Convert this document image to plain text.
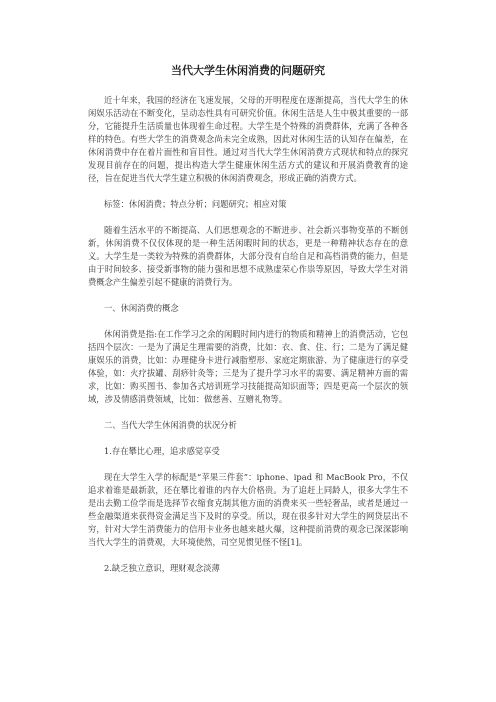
当代大学生休闲消费的问题研究

近十年来，我国的经济在飞速发展，父母的开明程度在逐渐提高，当代大学生的休闲娱乐活动在不断变化，呈动态性具有可研究价值。休闲生活是人生中极其重要的一部分，它能提升生活质量也体现着生命过程。大学生是个特殊的消费群体，充满了各种各样的特色。有些大学生的消费观念尚未完全成熟，因此对休闲生活的认知存在偏差，在休闲消费中存在着片面性和盲目性。通过对当代大学生休闲消费方式现状和特点的探究发现目前存在的问题，提出构造大学生健康休闲生活方式的建议和开展消费教育的途径，旨在促进当代大学生建立积极的休闲消费观念，形成正确的消费方式。

标签：休闲消费；特点分析；问题研究；相应对策

随着生活水平的不断提高、人们思想观念的不断进步、社会新兴事物变革的不断创新，休闲消费不仅仅体现的是一种生活闲暇时间的状态，更是一种精神状态存在的意义。大学生是一类较为特殊的消费群体，大部分没有自给自足和高档消费的能力，但是由于时间较多、接受新事物的能力强和思想不成熟虚荣心作祟等原因，导致大学生对消费概念产生偏差引起不健康的消费行为。

一、休闲消费的概念

休闲消费是指:在工作学习之余的闲暇时间内进行的物质和精神上的消费活动，它包括四个层次：一是为了满足生理需要的消费，比如：衣、食、住、行；二是为了满足健康娱乐的消费，比如：办理健身卡进行减脂塑形、家庭定期旅游、为了健康进行的享受体验，如：火疗拔罐、刮痧针灸等；三是为了提升学习水平的需要、满足精神方面的需求，比如：购买图书、参加各式培训班学习技能提高知识面等；四是更高一个层次的领域，涉及情感消费领域，比如：做慈善、互赠礼物等。

二、当代大学生休闲消费的状况分析

1.存在攀比心理，追求感觉享受

现在大学生入学的标配是“苹果三件套”：iphone、ipad 和 MacBook Pro，不仅追求着谁是最新款，还在攀比着谁的内存大价格贵。为了追赶上同龄人，很多大学生不是出去勤工俭学而是选择节衣缩食克制其他方面的消费来买一些轻奢品，或者是通过一些金融渠道来获得资金满足当下及时的享受。所以，现在很多针对大学生的网贷层出不穷，针对大学生消费能力的信用卡业务也越来越火爆，这种提前消费的观念已深深影响当代大学生的消费观，大环境使然，司空见惯见怪不怪[1]。

2.缺乏独立意识，理财观念淡薄
